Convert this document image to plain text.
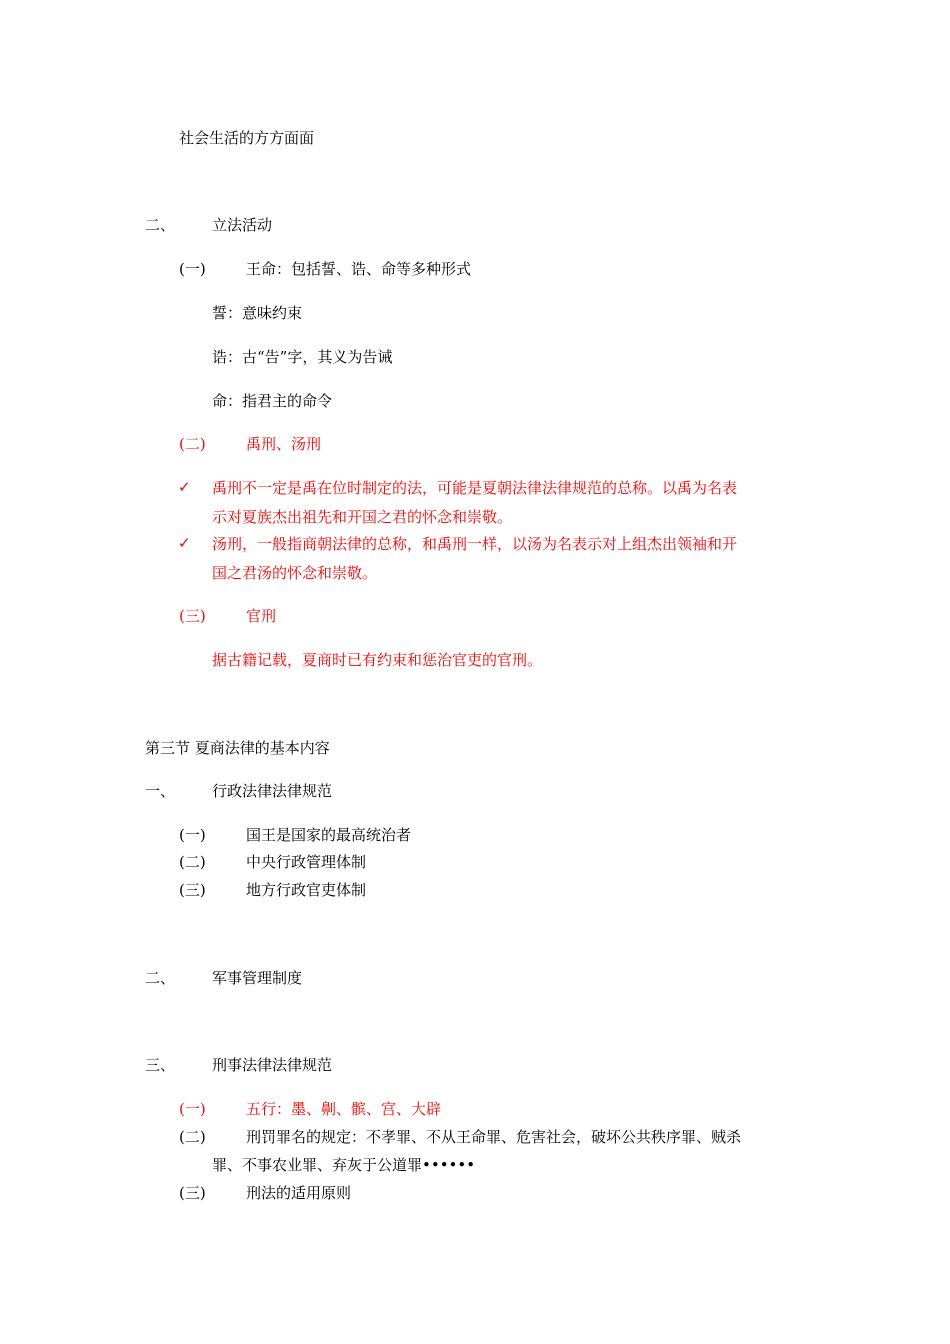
社会生活的方方面面
二、 立法活动
(一)	王命：包括誓、诰、命等多种形式
誓：意味约束
诰：古“告”字，其义为告诫
命：指君主的命令
(二)	禹刑、汤刑
✓ 禹刑不一定是禹在位时制定的法，可能是夏朝法律法律规范的总称。以禹为名表
示对夏族杰出祖先和开国之君的怀念和崇敬。
✓ 汤刑，一般指商朝法律的总称，和禹刑一样，以汤为名表示对上组杰出领袖和开
国之君汤的怀念和崇敬。
(三)	官刑
据古籍记载，夏商时已有约束和惩治官吏的官刑。
第三节 夏商法律的基本内容
一、 行政法律法律规范
(一)	国王是国家的最高统治者
(二)	中央行政管理体制
(三)	地方行政官吏体制
二、 军事管理制度
三、 刑事法律法律规范
(一)	五行：墨、劓、髌、宫、大辟
(二)	刑罚罪名的规定：不孝罪、不从王命罪、危害社会，破坏公共秩序罪、贼杀
罪、不事农业罪、弃灰于公道罪••••••
(三)	刑法的适用原则
